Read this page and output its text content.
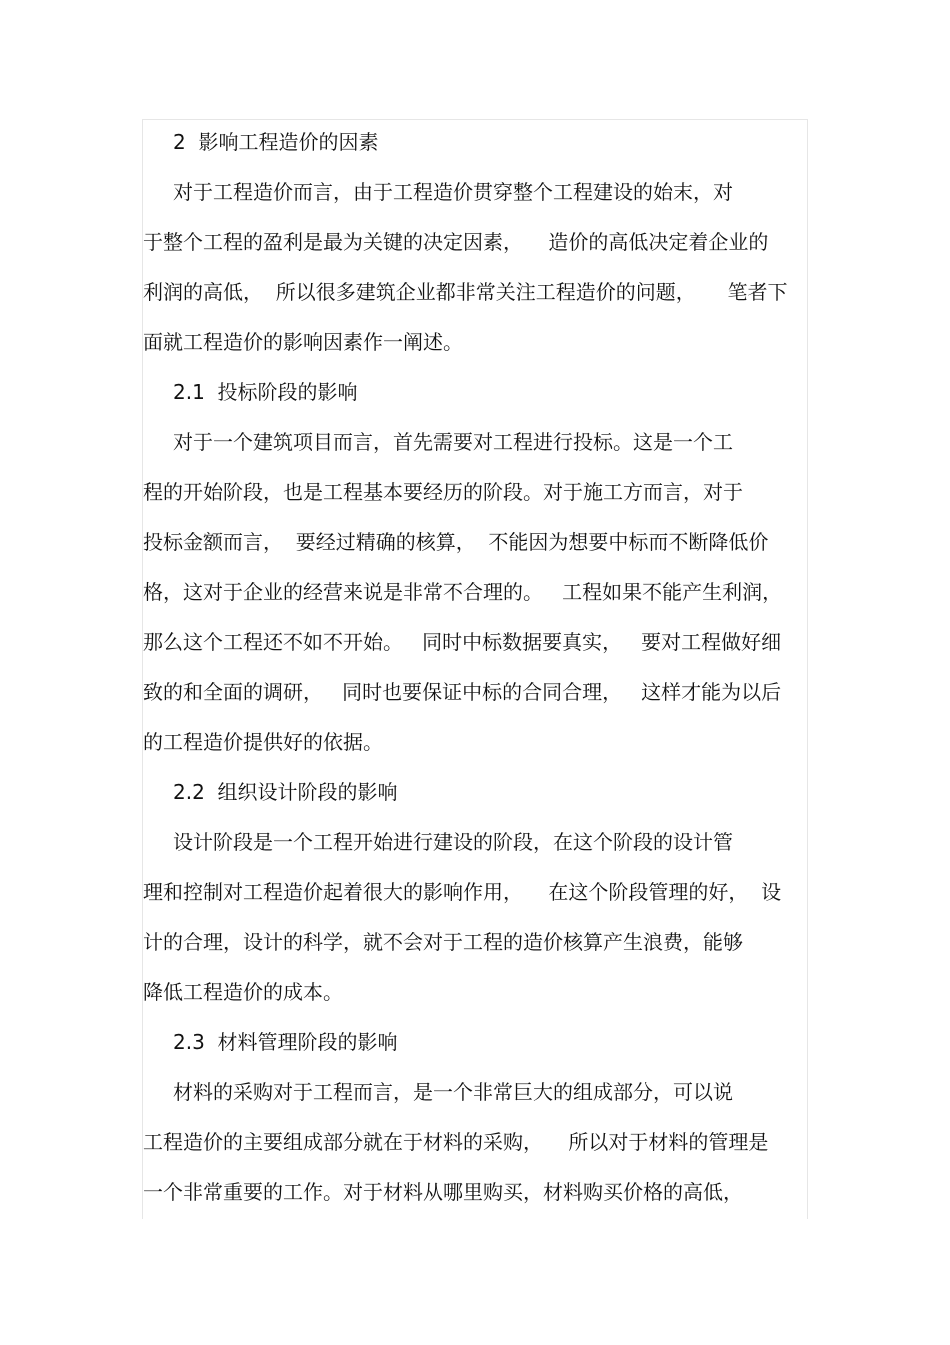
2  影响工程造价的因素
对于工程造价而言，由于工程造价贯穿整个工程建设的始末，对
于整个工程的盈利是最为关键的决定因素，    造价的高低决定着企业的
利润的高低，  所以很多建筑企业都非常关注工程造价的问题，     笔者下
面就工程造价的影响因素作一阐述。
2.1  投标阶段的影响
对于一个建筑项目而言，首先需要对工程进行投标。这是一个工
程的开始阶段，也是工程基本要经历的阶段。对于施工方而言，对于
投标金额而言，  要经过精确的核算，  不能因为想要中标而不断降低价
格，这对于企业的经营来说是非常不合理的。   工程如果不能产生利润，
那么这个工程还不如不开始。   同时中标数据要真实，   要对工程做好细
致的和全面的调研，   同时也要保证中标的合同合理，   这样才能为以后
的工程造价提供好的依据。
2.2  组织设计阶段的影响
设计阶段是一个工程开始进行建设的阶段，在这个阶段的设计管
理和控制对工程造价起着很大的影响作用，    在这个阶段管理的好，  设
计的合理，设计的科学，就不会对于工程的造价核算产生浪费，能够
降低工程造价的成本。
2.3  材料管理阶段的影响
材料的采购对于工程而言，是一个非常巨大的组成部分，可以说
工程造价的主要组成部分就在于材料的采购，    所以对于材料的管理是
一个非常重要的工作。对于材料从哪里购买，材料购买价格的高低，
